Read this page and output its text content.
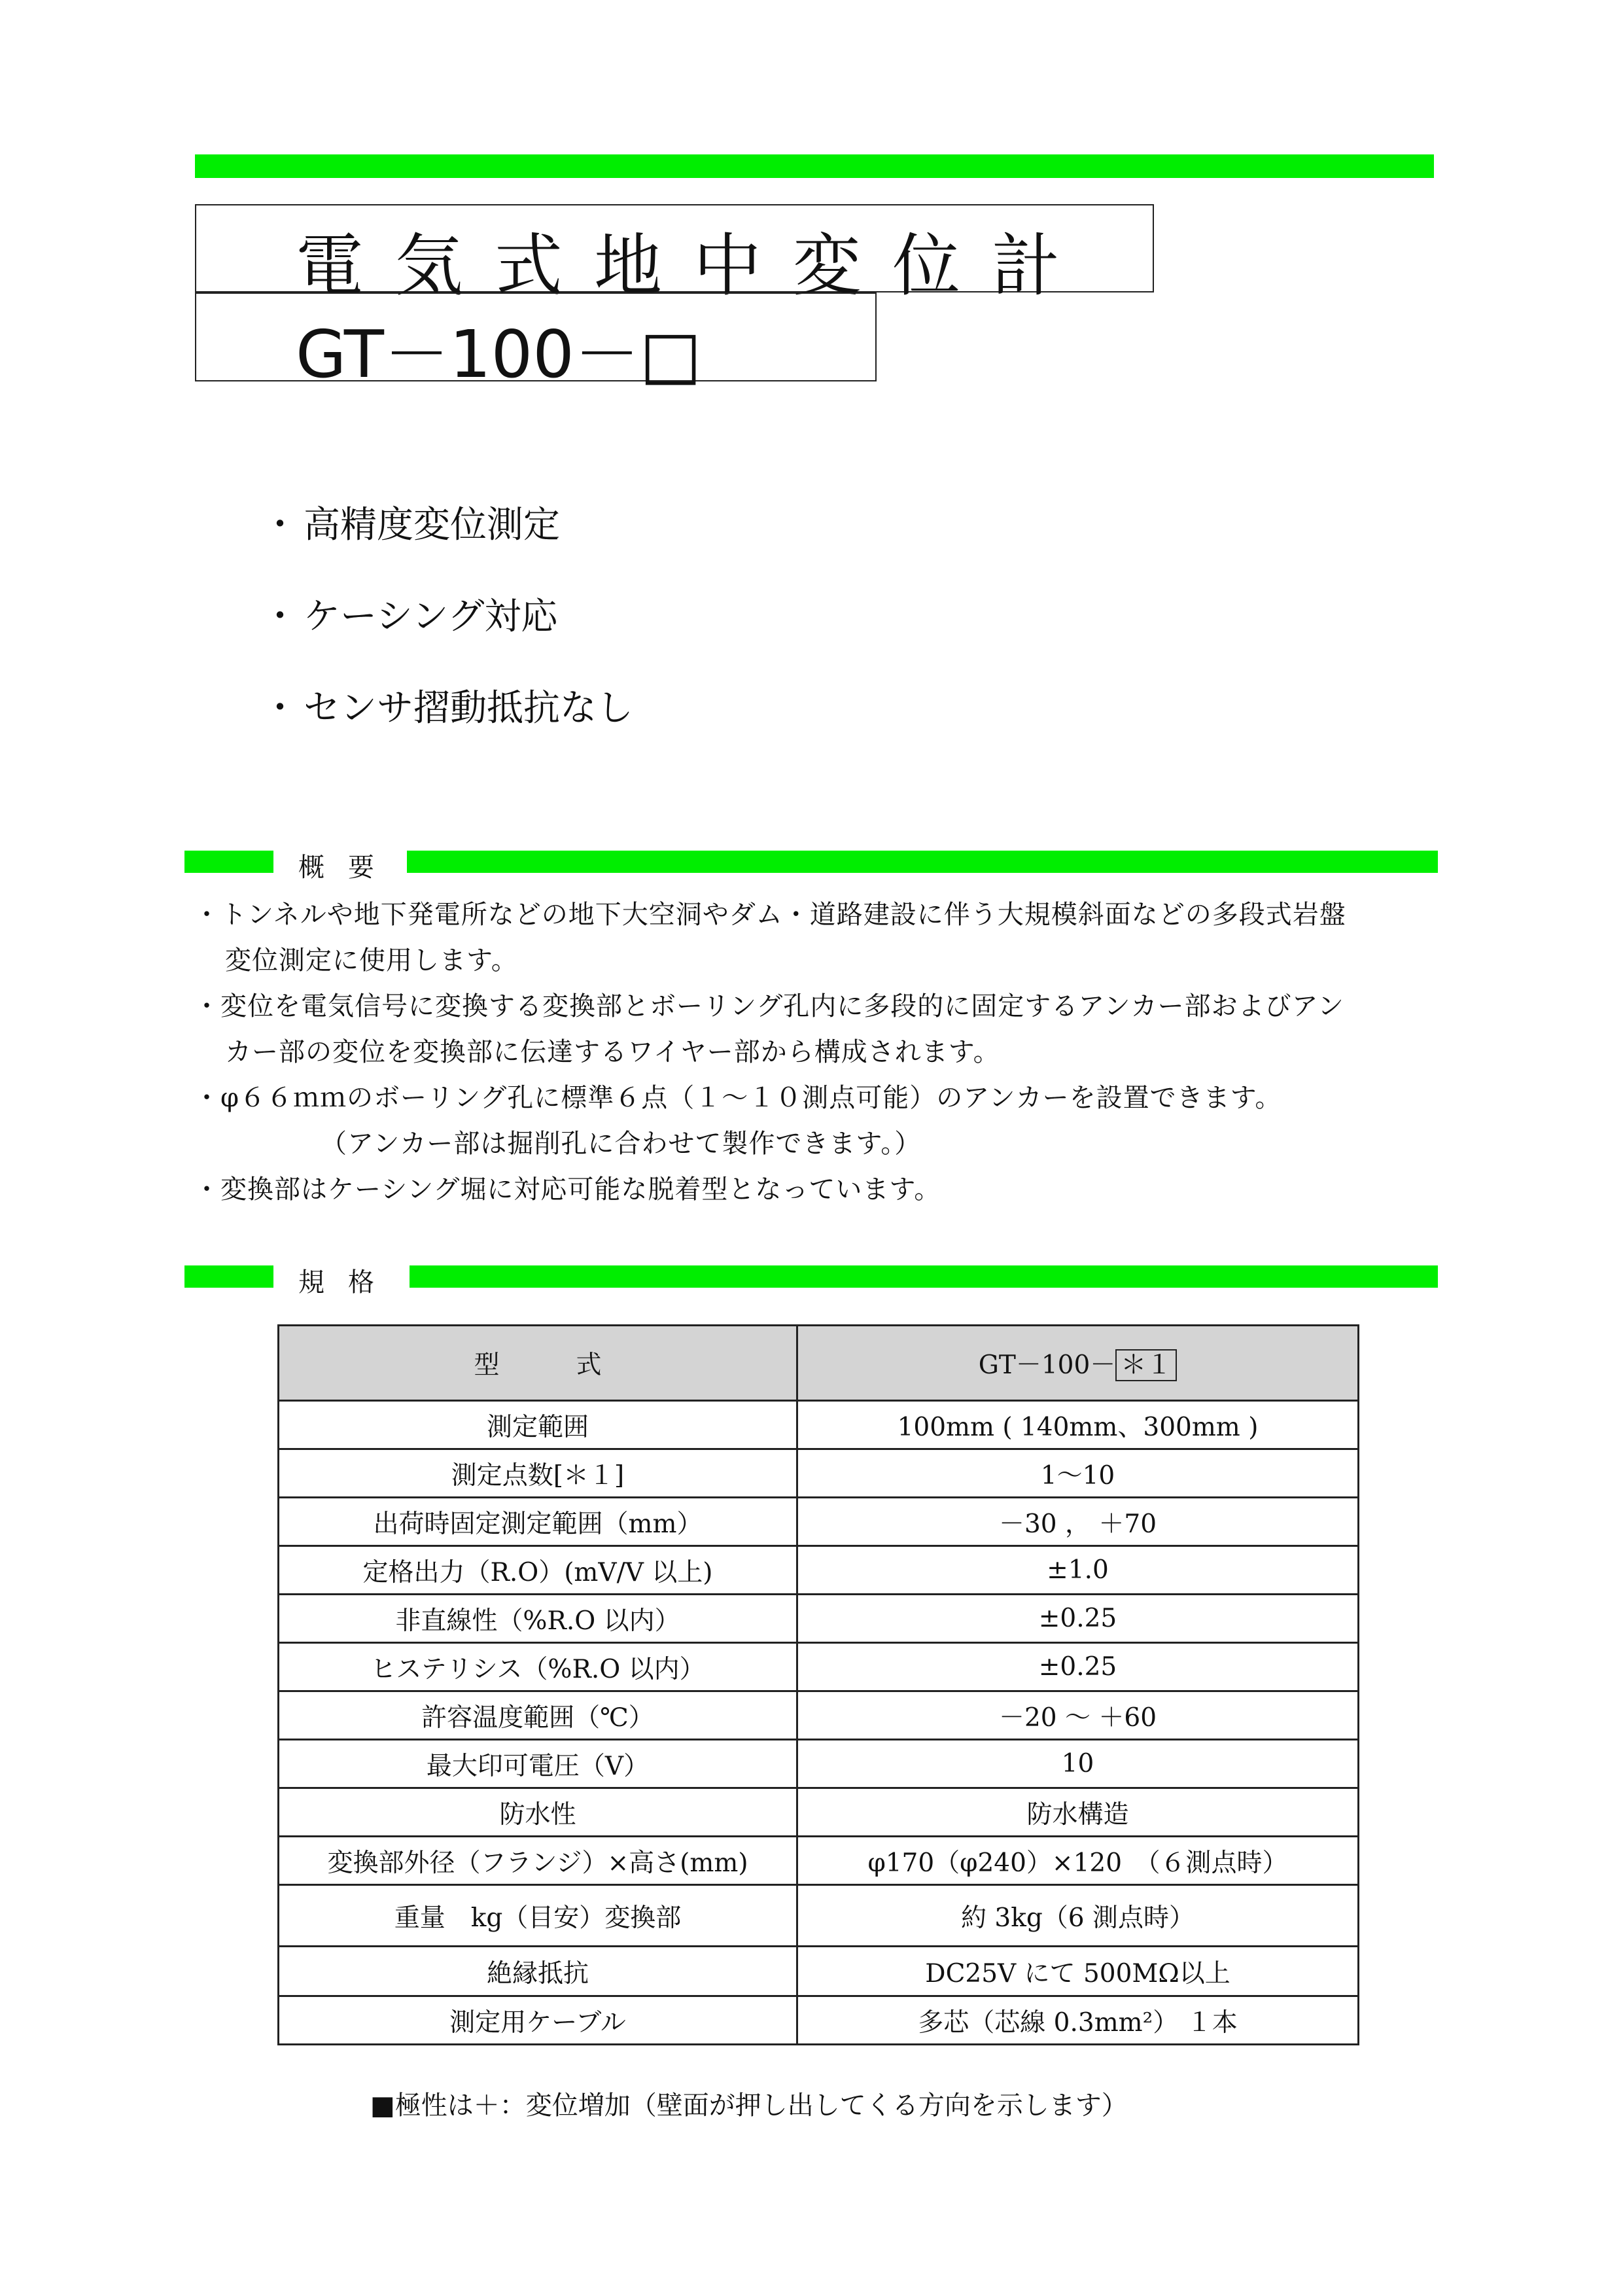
電気式地中変位計
GT－100－□
・ 高精度変位測定
・ ケーシング対応
・ センサ摺動抵抗なし
概要
・トンネルや地下発電所などの地下大空洞やダム・道路建設に伴う大規模斜面などの多段式岩盤
変位測定に使用します。
・変位を電気信号に変換する変換部とボーリング孔内に多段的に固定するアンカー部およびアン
カー部の変位を変換部に伝達するワイヤー部から構成されます。
・φ６６ｍｍのボーリング孔に標準６点（１～１０測点可能）のアンカーを設置できます。
（アンカー部は掘削孔に合わせて製作できます。）
・変換部はケーシング堀に対応可能な脱着型となっています。
規格
型　　　式	GT－100－ ＊１
測定範囲	100mm ( 140mm、300mm )
測定点数[＊１]	1～10
出荷時固定測定範囲（mm）	－30 ， ＋70
定格出力（R.O）(mV/V 以上)	±1.0
非直線性（%R.O 以内）	±0.25
ヒステリシス（%R.O 以内）	±0.25
許容温度範囲（℃）	－20 ～ ＋60
最大印可電圧（V）	10
防水性	防水構造
変換部外径（フランジ）×高さ(mm)	φ170（φ240）×120　（６測点時）
重量　kg（目安）変換部	約 3kg（6 測点時）
絶縁抵抗	DC25V にて 500MΩ以上
測定用ケーブル	多芯（芯線 0.3mm²） １本
■極性は＋：変位増加（壁面が押し出してくる方向を示します）
